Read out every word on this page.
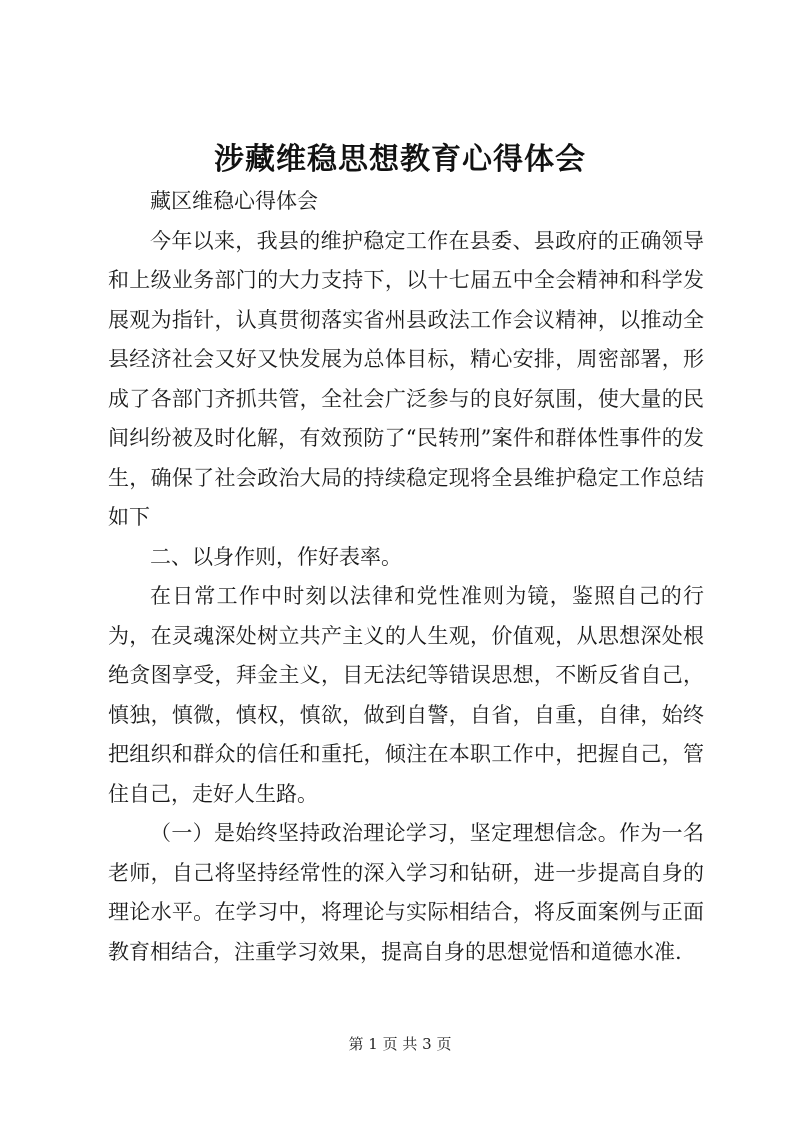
涉藏维稳思想教育心得体会

藏区维稳心得体会

今年以来，我县的维护稳定工作在县委、县政府的正确领导和上级业务部门的大力支持下，以十七届五中全会精神和科学发展观为指针，认真贯彻落实省州县政法工作会议精神，以推动全县经济社会又好又快发展为总体目标，精心安排，周密部署，形成了各部门齐抓共管，全社会广泛参与的良好氛围，使大量的民间纠纷被及时化解，有效预防了“民转刑”案件和群体性事件的发生，确保了社会政治大局的持续稳定现将全县维护稳定工作总结如下

二、以身作则，作好表率。

在日常工作中时刻以法律和党性准则为镜，鉴照自己的行为，在灵魂深处树立共产主义的人生观，价值观，从思想深处根绝贪图享受，拜金主义，目无法纪等错误思想，不断反省自己，慎独，慎微，慎权，慎欲，做到自警，自省，自重，自律，始终把组织和群众的信任和重托，倾注在本职工作中，把握自己，管住自己，走好人生路。

（一）是始终坚持政治理论学习，坚定理想信念。作为一名老师，自己将坚持经常性的深入学习和钻研，进一步提高自身的理论水平。在学习中，将理论与实际相结合，将反面案例与正面教育相结合，注重学习效果，提高自身的思想觉悟和道德水准.

第 1 页 共 3 页
